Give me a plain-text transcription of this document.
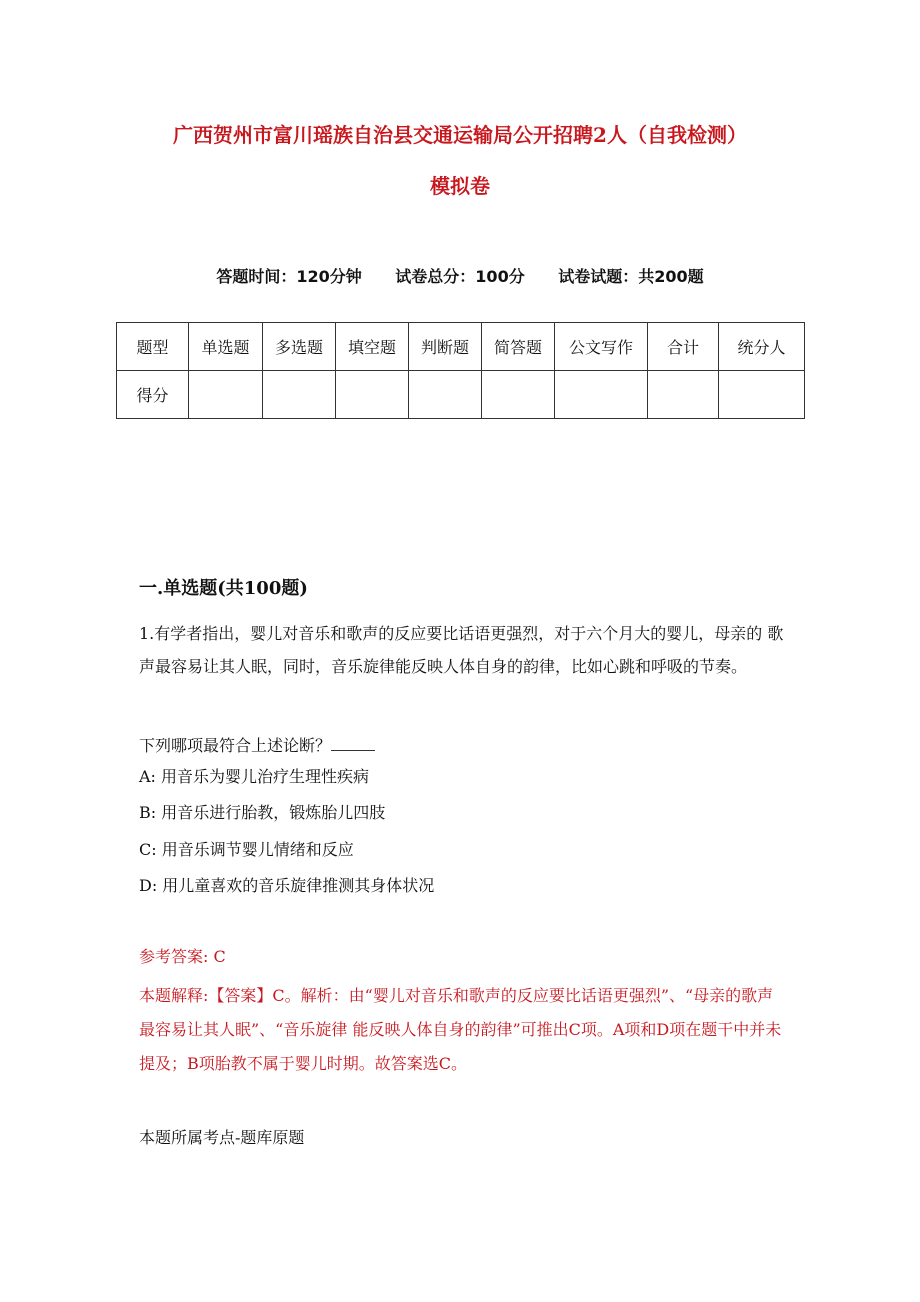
广西贺州市富川瑶族自治县交通运输局公开招聘2人（自我检测）
模拟卷
答题时间：120分钟 试卷总分：100分 试卷试题：共200题
题型	单选题	多选题	填空题	判断题	简答题	公文写作	合计	统分人
得分								
一.单选题(共100题)
1.有学者指出，婴儿对音乐和歌声的反应要比话语更强烈，对于六个月大的婴儿，母亲的 歌声最容易让其人眠，同时，音乐旋律能反映人体自身的韵律，比如心跳和呼吸的节奏。
下列哪项最符合上述论断？
A: 用音乐为婴儿治疗生理性疾病
B: 用音乐进行胎教，锻炼胎儿四肢
C: 用音乐调节婴儿情绪和反应
D: 用儿童喜欢的音乐旋律推测其身体状况
参考答案: C
本题解释:【答案】C。解析：由“婴儿对音乐和歌声的反应要比话语更强烈”、“母亲的歌声最容易让其人眠”、“音乐旋律 能反映人体自身的韵律”可推出C项。A项和D项在题干中并未提及；B项胎教不属于婴儿时期。故答案选C。
本题所属考点-题库原题
